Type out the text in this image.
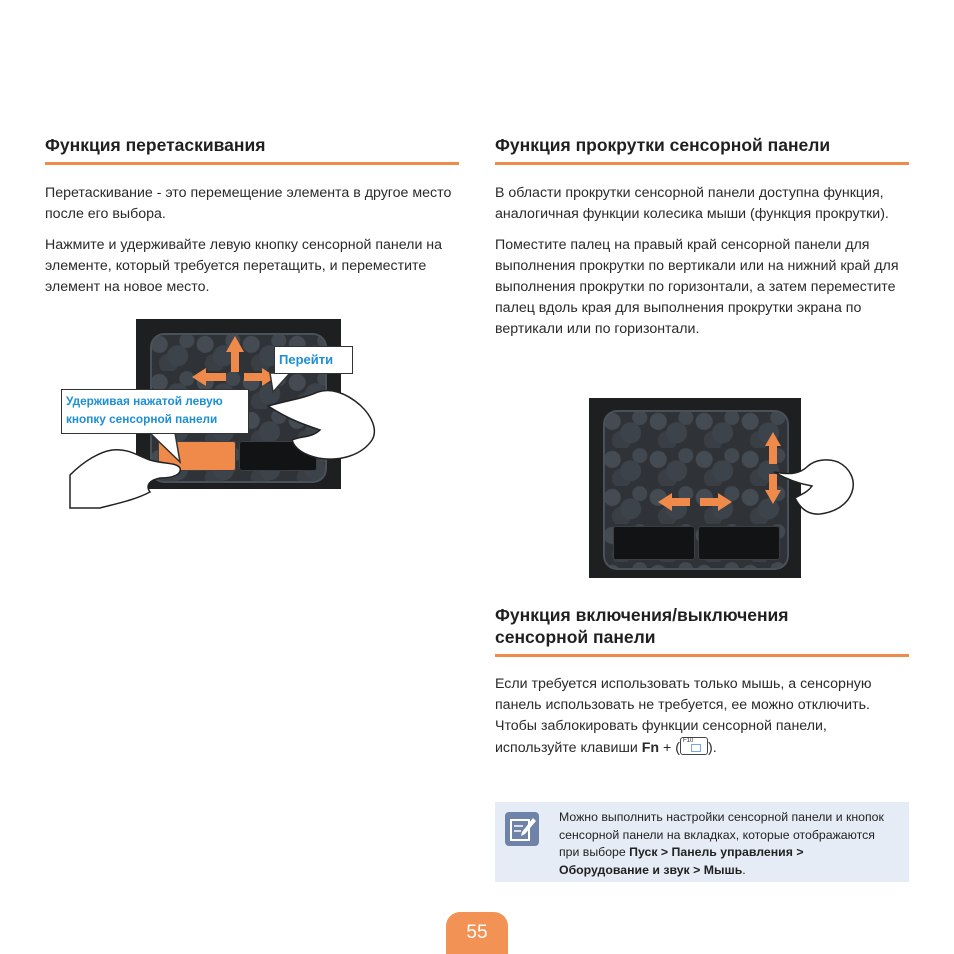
Функция перетаскивания

Перетаскивание - это перемещение элемента в другое место после его выбора.

Нажмите и удерживайте левую кнопку сенсорной панели на элементе, который требуется перетащить, и переместите элемент на новое место.

Перейти
Удерживая нажатой левую кнопку сенсорной панели
Функция прокрутки сенсорной панели

В области прокрутки сенсорной панели доступна функция, аналогичная функции колесика мыши (функция прокрутки).

Поместите палец на правый край сенсорной панели для выполнения прокрутки по вертикали или на нижний край для выполнения прокрутки по горизонтали, а затем переместите палец вдоль края для выполнения прокрутки экрана по вертикали или по горизонтали.

Функция включения/выключения сенсорной панели

Если требуется использовать только мышь, а сенсорную панель использовать не требуется, ее можно отключить.

Чтобы заблокировать функции сенсорной панели, используйте клавиши Fn + ( F10 ).

Можно выполнить настройки сенсорной панели и кнопок сенсорной панели на вкладках, которые отображаются при выборе Пуск > Панель управления > Оборудование и звук > Мышь.
55
